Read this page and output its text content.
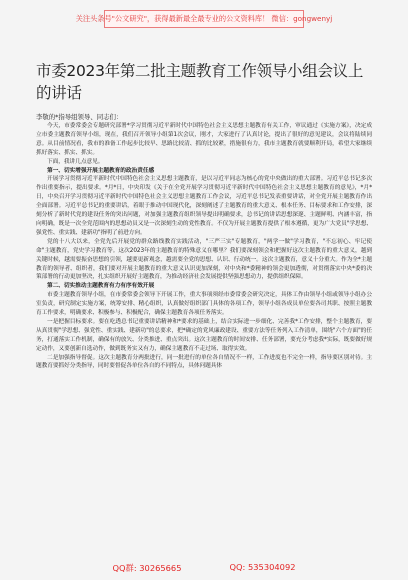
关注头条号"公文研究"，获得最新最全最专业的公文资料库！ 微信：gongwenyj
市委2023年第二批主题教育工作领导小组会议上的讲话
李敬的*指导组领导、同志们：

今天，市委常委会专题研究部署*学习贯彻习近平新时代中国特色社会主义思想主题教育有关工作，审议通过《实施方案》，决定成立市委主题教育领导小组，现在，我们召开领导小组第1次会议，刚才，大家进行了认真讨论，提出了很好的意见建议，会议将陆续同意。从目前情况看，我市的准备工作起步比较早、思路比较清、抓的比较紧，措施很有力，我市主题教育就要顺利开局，希望大家继续抓好落实、抓实、抓实。

下面，我讲几点意见。

第一、切实增强开展主题教育的政治责任感

开展学习贯彻习近平新时代中国特色社会主义思想主题教育，是以习近平同志为核心的党中央做出的重大部署。习近平总书记多次作出重要指示，提出要求。*月*日，中央印发《关于在全党开展学习贯彻习近平新时代中国特色社会主义思想主题教育的意见》，*月*日，中央召开学习贯彻习近平新时代中国特色社会主义思想主题教育工作会议，习近平总书记发表重要讲话，对全党开展主题教育作出全面部署。习近平总书记的重要讲话，着眼于推动中国现代化，深刻阐述了主题教育的重大意义、根本任务、目标要求和工作安排，深刻分析了新时代党的建设任务的突出问题，对加强主题教育组织领导提出明确要求，总书记的讲话思想深邃、主题鲜明、内涵丰富，指向明确，既是一次全党范围内的思想动员又是一次深刻生动的党性教育。不仅为开展主题教育提供了根本遵循，更为广大党员"学思想、强党性、重实践、建新功"指明了前进方向。

党的十八大以来，全党先后开展党的群众路线教育实践活动，"三严三实"专题教育，"两学一做"学习教育，"不忘初心、牢记使命"主题教育，党史学习教育等。这次2023年的主题教育的特殊意义在哪里？我们要深刻领会和把握好这次主题教育的重大意义，越到关键时候，越需要振奋思想的引领，越要更新观念，越需要全党的思想、认识、行动统一。这次主题教育，意义十分重大。作为全*主题教育的领导者、组织者，我们要对开展主题教育的重大意义认识更加深刻，对中央和*委精神的领会更加透彻，对贯彻落实中央*委的决策部署的行动更加坚决，扎实组织开展好主题教育，为推动经济社会发展提供坚强思想动力，提供组织保障。

第二、切实推动主题教育有力有序有效开展

市委主题教育领导小组，在市委常委会领导下开展工作，重大事项须经市委常委会研究决定，具体工作由领导小组或领导小组办公室负责，研究制定实施方案，统筹安排、精心组织，认真做好组织部门具体的各项工作，领导小组各成员单位要各司其职、按照主题教育工作要求，明确要求、积极参与、积极配合，确保主题教育各项任务落实。

一是把握目标要求。要在吃透总书记重要讲话精神和*要求的基础上，结合实际进一步细化、完善我*工作安排，整个主题教育，要从真贯彻"学思想、强党性、重实践、建新功"的总要求，把*确定的党风廉政建设、重要方法等任务列入工作清单，围绕"六个方面"的任务，打通落实工作机制，确保有的放矢、分类推进、重点突出。这次主题教育的时间安排、任务部署，要充分考虑我*实际，既要做好规定动作，又要创新自选动作，做到既务实又有力，确保主题教育不走过场、取得实效。

二是加强指导督促。这次主题教育分两批进行，同一批进行的单位各自情况不一样，工作进度也不完全一样，指导要区别对待。主题教育要抓好分类指导，同时要督促各单位各自的不同特点，具体问题具体

QQ群: 30265665	QQ: 535304092
